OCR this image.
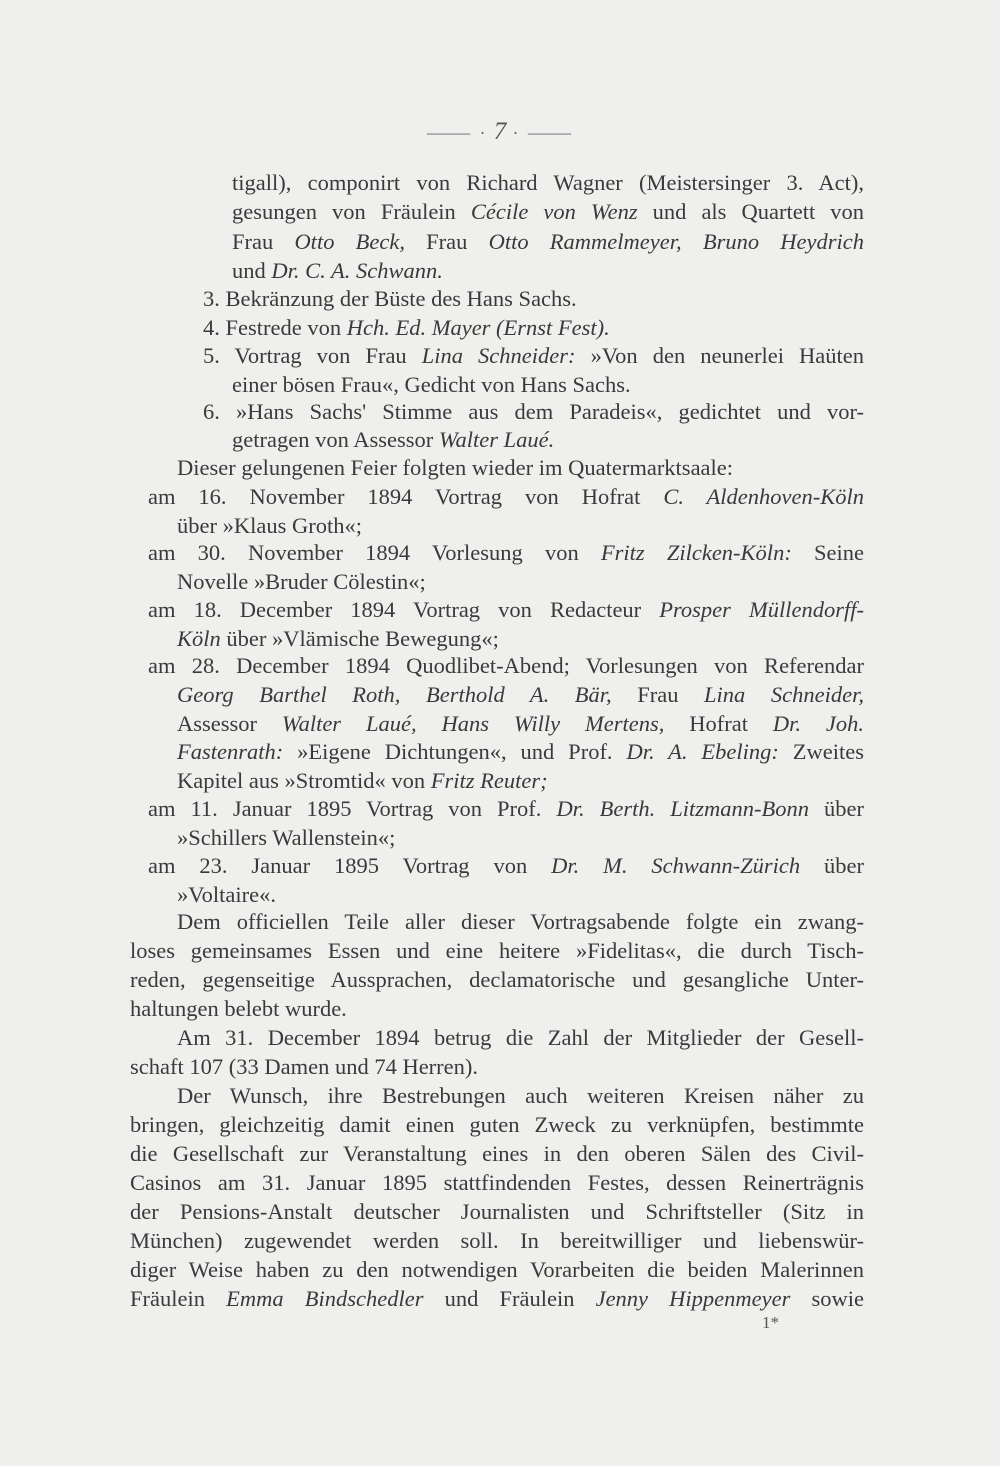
⸻ · 7 · ⸻
tigall), componirt von Richard Wagner (Meistersinger 3. Act),
gesungen von Fräulein Cécile von Wenz und als Quartett von
Frau Otto Beck, Frau Otto Rammelmeyer, Bruno Heydrich
und Dr. C. A. Schwann.
3. Bekränzung der Büste des Hans Sachs.
4. Festrede von Hch. Ed. Mayer (Ernst Fest).
5. Vortrag von Frau Lina Schneider: »Von den neunerlei Haüten
einer bösen Frau«, Gedicht von Hans Sachs.
6. »Hans Sachs' Stimme aus dem Paradeis«, gedichtet und vor-
getragen von Assessor Walter Laué.
Dieser gelungenen Feier folgten wieder im Quatermarktsaale:
am 16. November 1894 Vortrag von Hofrat C. Aldenhoven-Köln
über »Klaus Groth«;
am 30. November 1894 Vorlesung von Fritz Zilcken-Köln: Seine
Novelle »Bruder Cölestin«;
am 18. December 1894 Vortrag von Redacteur Prosper Müllendorff-
Köln über »Vlämische Bewegung«;
am 28. December 1894 Quodlibet-Abend; Vorlesungen von Referendar
Georg Barthel Roth, Berthold A. Bär, Frau Lina Schneider,
Assessor Walter Laué, Hans Willy Mertens, Hofrat Dr. Joh.
Fastenrath: »Eigene Dichtungen«, und Prof. Dr. A. Ebeling: Zweites
Kapitel aus »Stromtid« von Fritz Reuter;
am 11. Januar 1895 Vortrag von Prof. Dr. Berth. Litzmann-Bonn über
»Schillers Wallenstein«;
am 23. Januar 1895 Vortrag von Dr. M. Schwann-Zürich über
»Voltaire«.
Dem officiellen Teile aller dieser Vortragsabende folgte ein zwang-
loses gemeinsames Essen und eine heitere »Fidelitas«, die durch Tisch-
reden, gegenseitige Aussprachen, declamatorische und gesangliche Unter-
haltungen belebt wurde.
Am 31. December 1894 betrug die Zahl der Mitglieder der Gesell-
schaft 107 (33 Damen und 74 Herren).
Der Wunsch, ihre Bestrebungen auch weiteren Kreisen näher zu
bringen, gleichzeitig damit einen guten Zweck zu verknüpfen, bestimmte
die Gesellschaft zur Veranstaltung eines in den oberen Sälen des Civil-
Casinos am 31. Januar 1895 stattfindenden Festes, dessen Reinerträgnis
der Pensions-Anstalt deutscher Journalisten und Schriftsteller (Sitz in
München) zugewendet werden soll. In bereitwilliger und liebenswür-
diger Weise haben zu den notwendigen Vorarbeiten die beiden Malerinnen
Fräulein Emma Bindschedler und Fräulein Jenny Hippenmeyer sowie
1*
